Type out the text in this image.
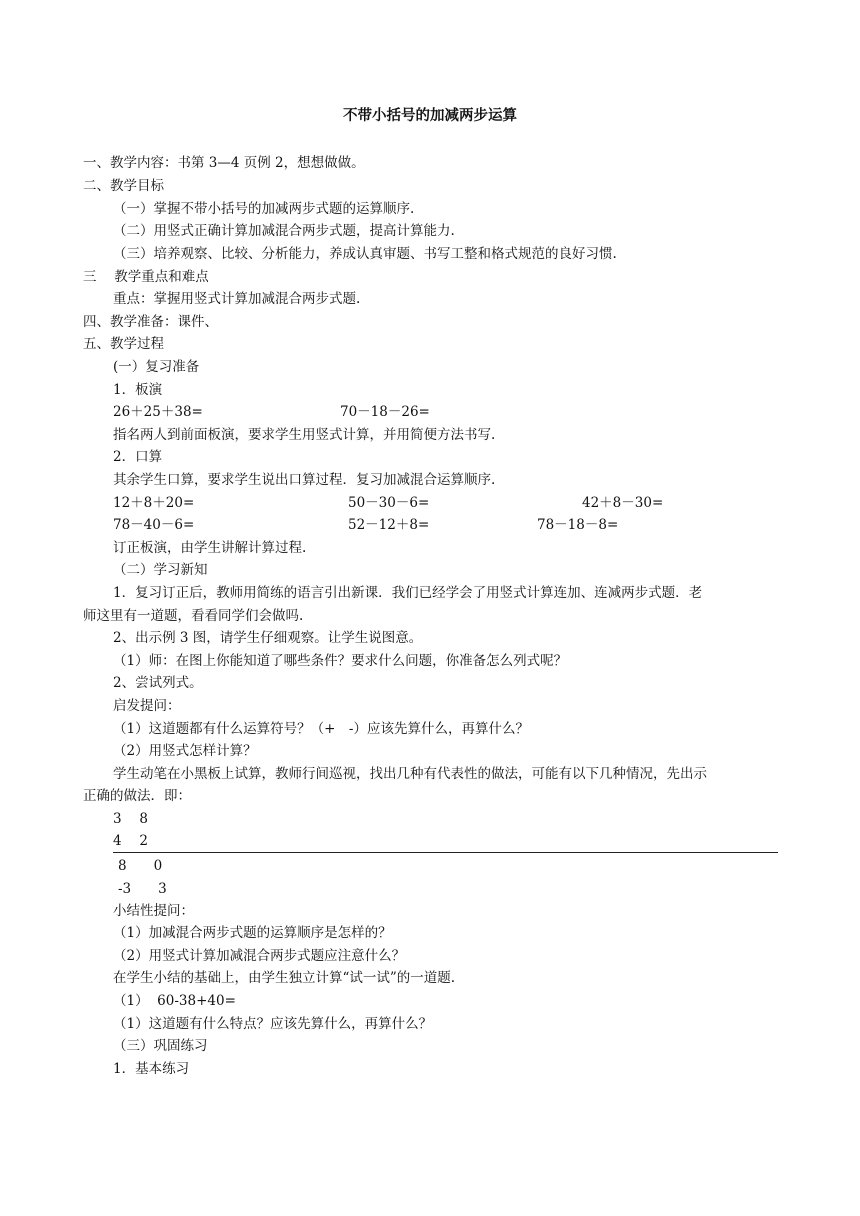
不带小括号的加减两步运算
一、教学内容：书第 3—4 页例 2，想想做做。
二、教学目标
（一）掌握不带小括号的加减两步式题的运算顺序.
（二）用竖式正确计算加减混合两步式题，提高计算能力.
（三）培养观察、比较、分析能力，养成认真审题、书写工整和格式规范的良好习惯.
三　 教学重点和难点
重点：掌握用竖式计算加减混合两步式题.
四、教学准备：课件、
五、教学过程
(一）复习准备
1．板演
26＋25＋38=	70－18－26=
指名两人到前面板演，要求学生用竖式计算，并用简便方法书写.
2．口算
其余学生口算，要求学生说出口算过程．复习加减混合运算顺序.
12＋8＋20=	50－30－6=	42＋8－30=
78－40－6=	52－12＋8=	78－18－8=
订正板演，由学生讲解计算过程.
（二）学习新知
1．复习订正后，教师用简练的语言引出新课．我们已经学会了用竖式计算连加、连减两步式题．老
师这里有一道题，看看同学们会做吗.
2、出示例 3 图，请学生仔细观察。让学生说图意。
（1）师：在图上你能知道了哪些条件？要求什么问题，你准备怎么列式呢？
2、尝试列式。
启发提问：
（1）这道题都有什么运算符号？（+　-）应该先算什么，再算什么？
（2）用竖式怎样计算？
学生动笔在小黑板上试算，教师行间巡视，找出几种有代表性的做法，可能有以下几种情况，先出示
正确的做法．即：
3　 8
4　 2
8　　0
-3　　3
小结性提问：
（1）加减混合两步式题的运算顺序是怎样的？
（2）用竖式计算加减混合两步式题应注意什么？
在学生小结的基础上，由学生独立计算“试一试”的一道题.
（1）  60-38+40=
（1）这道题有什么特点？应该先算什么，再算什么？
（三）巩固练习
1．基本练习
